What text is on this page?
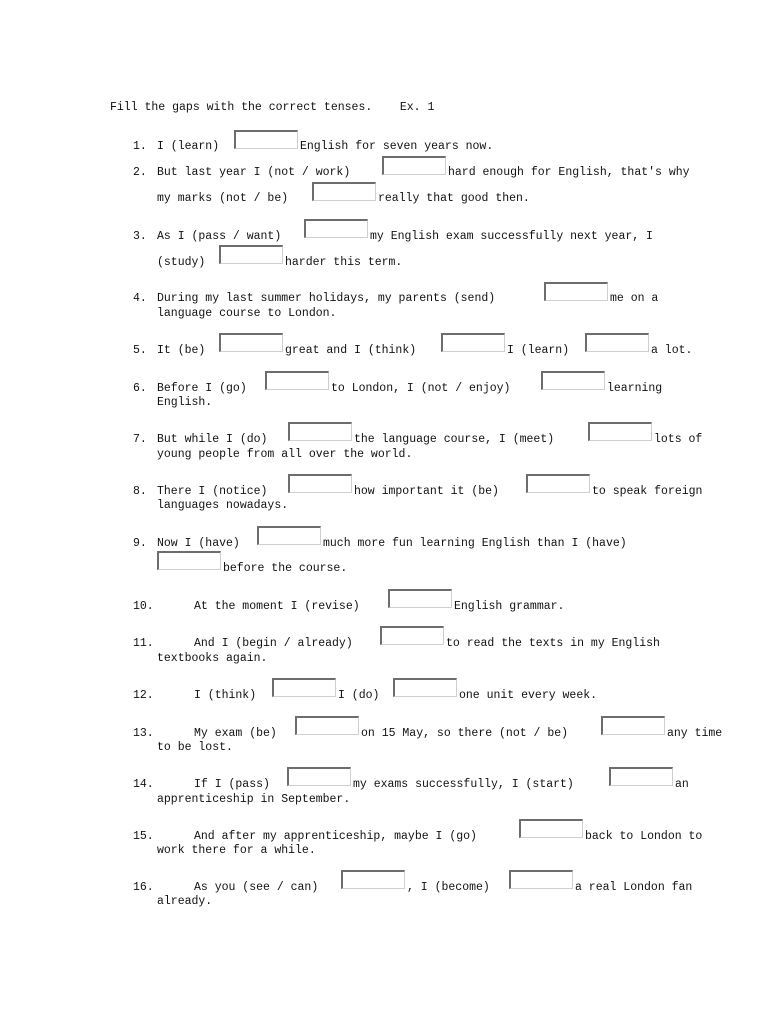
Fill the gaps with the correct tenses.    Ex. 1
1. I (learn)	English for seven years now.
2. But last year I (not / work)	hard enough for English, that's why
my marks (not / be)	really that good then.
3. As I (pass / want)	my English exam successfully next year, I
(study)	harder this term.
4. During my last summer holidays, my parents (send)	me on a
language course to London.
5. It (be)	great and I (think)	I (learn)	a lot.
6. Before I (go)	to London, I (not / enjoy)	learning
English.
7. But while I (do)	the language course, I (meet)	lots of
young people from all over the world.
8. There I (notice)	how important it (be)	to speak foreign
languages nowadays.
9. Now I (have)	much more fun learning English than I (have)
before the course.
10.	At the moment I (revise)	English grammar.
11.	And I (begin / already)	to read the texts in my English
textbooks again.
12.	I (think)	I (do)	one unit every week.
13.	My exam (be)	on 15 May, so there (not / be)	any time
to be lost.
14.	If I (pass)	my exams successfully, I (start)	an
apprenticeship in September.
15.	And after my apprenticeship, maybe I (go)	back to London to
work there for a while.
16.	As you (see / can)	, I (become)	a real London fan
already.
